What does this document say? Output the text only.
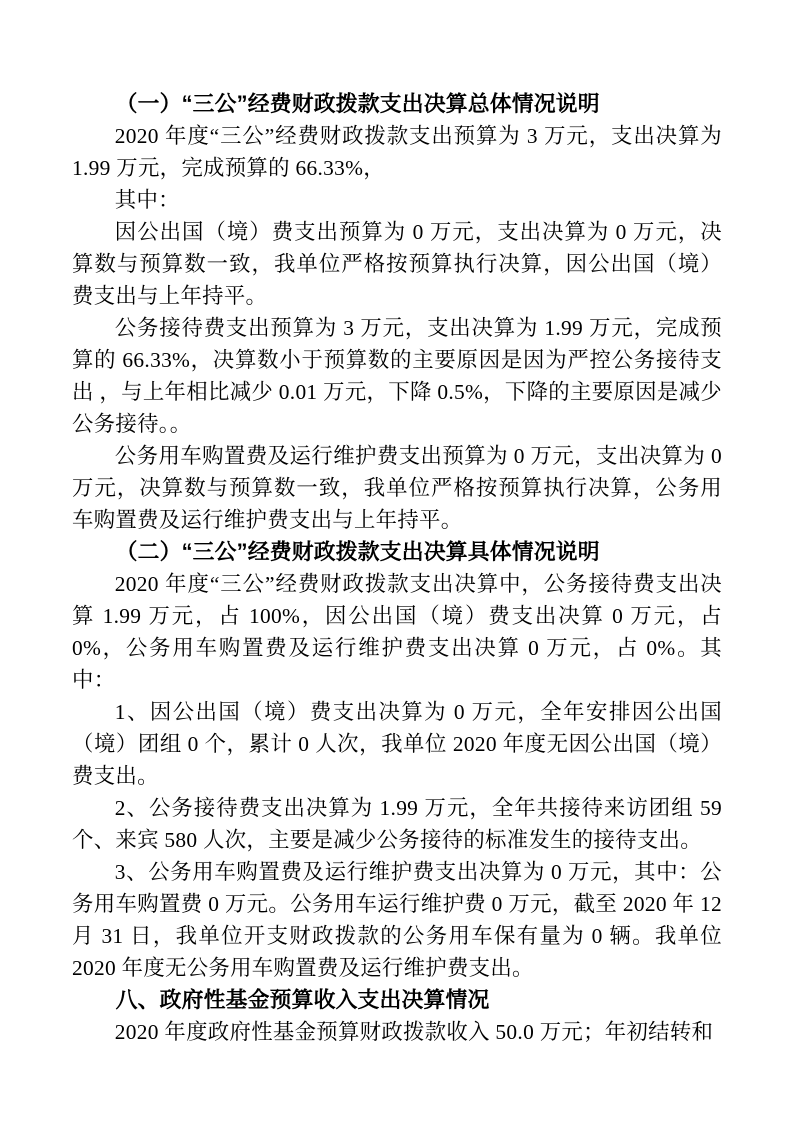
（一）“三公”经费财政拨款支出决算总体情况说明

2020 年度“三公”经费财政拨款支出预算为 3 万元，支出决算为 1.99 万元，完成预算的 66.33%，

其中：

因公出国（境）费支出预算为 0 万元，支出决算为 0 万元，决算数与预算数一致，我单位严格按预算执行决算，因公出国（境）费支出与上年持平。

公务接待费支出预算为 3 万元，支出决算为 1.99 万元，完成预算的 66.33%，决算数小于预算数的主要原因是因为严控公务接待支出 ，与上年相比减少 0.01 万元，下降 0.5%，下降的主要原因是减少公务接待。。

公务用车购置费及运行维护费支出预算为 0 万元，支出决算为 0 万元，决算数与预算数一致，我单位严格按预算执行决算，公务用车购置费及运行维护费支出与上年持平。

（二）“三公”经费财政拨款支出决算具体情况说明

2020 年度“三公”经费财政拨款支出决算中，公务接待费支出决算 1.99 万元，占 100%，因公出国（境）费支出决算 0 万元，占 0%，公务用车购置费及运行维护费支出决算 0 万元，占 0%。其中：

1、因公出国（境）费支出决算为 0 万元，全年安排因公出国（境）团组 0 个，累计 0 人次，我单位 2020 年度无因公出国（境）费支出。

2、公务接待费支出决算为 1.99 万元，全年共接待来访团组 59 个、来宾 580 人次，主要是减少公务接待的标准发生的接待支出。

3、公务用车购置费及运行维护费支出决算为 0 万元，其中：公务用车购置费 0 万元。公务用车运行维护费 0 万元，截至 2020 年 12 月 31 日，我单位开支财政拨款的公务用车保有量为 0 辆。我单位 2020 年度无公务用车购置费及运行维护费支出。

八、政府性基金预算收入支出决算情况

2020 年度政府性基金预算财政拨款收入 50.0 万元；年初结转和
